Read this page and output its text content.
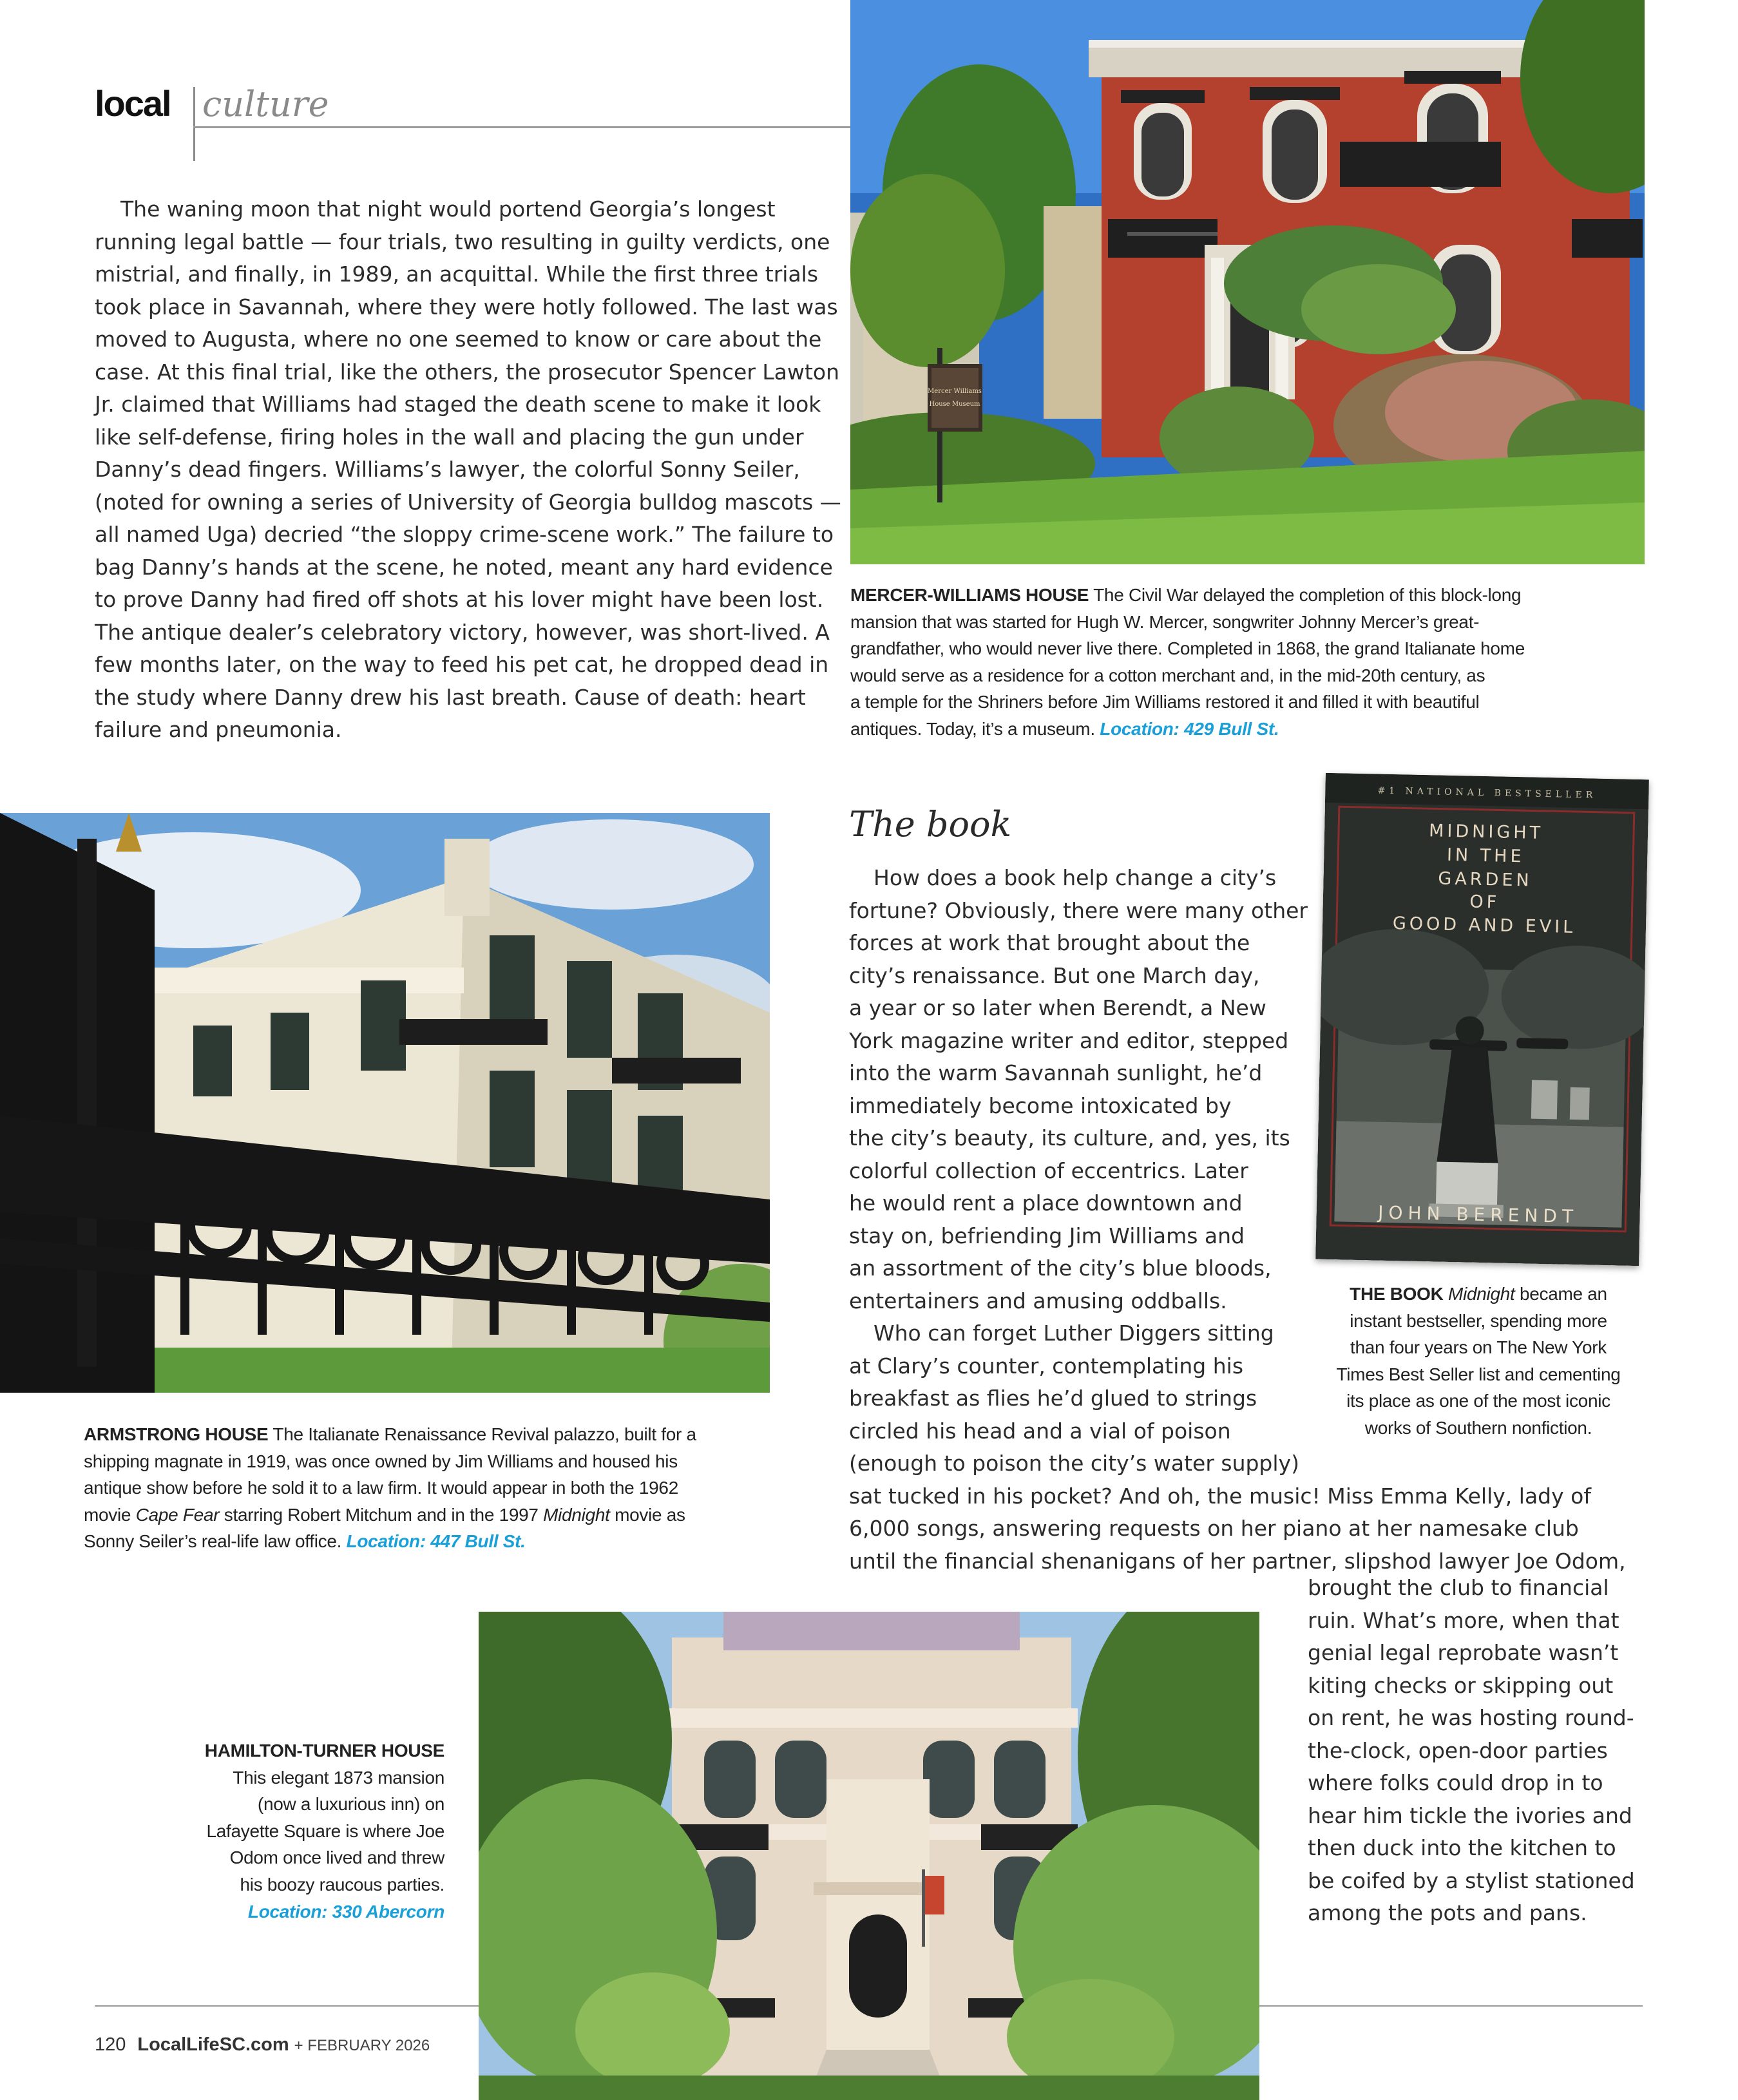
local culture
The waning moon that night would portend Georgia’s longest
running legal battle — four trials, two resulting in guilty verdicts, one
mistrial, and finally, in 1989, an acquittal. While the first three trials
took place in Savannah, where they were hotly followed. The last was
moved to Augusta, where no one seemed to know or care about the
case. At this final trial, like the others, the prosecutor Spencer Lawton
Jr. claimed that Williams had staged the death scene to make it look
like self-defense, firing holes in the wall and placing the gun under
Danny’s dead fingers. Williams’s lawyer, the colorful Sonny Seiler,
(noted for owning a series of University of Georgia bulldog mascots —
all named Uga) decried “the sloppy crime-scene work.” The failure to
bag Danny’s hands at the scene, he noted, meant any hard evidence
to prove Danny had fired off shots at his lover might have been lost.
The antique dealer’s celebratory victory, however, was short-lived. A
few months later, on the way to feed his pet cat, he dropped dead in
the study where Danny drew his last breath. Cause of death: heart
failure and pneumonia.
Mercer Williams
House Museum
MERCER-WILLIAMS HOUSE The Civil War delayed the completion of this block-long
mansion that was started for Hugh W. Mercer, songwriter Johnny Mercer’s great-
grandfather, who would never live there. Completed in 1868, the grand Italianate home
would serve as a residence for a cotton merchant and, in the mid-20th century, as
a temple for the Shriners before Jim Williams restored it and filled it with beautiful
antiques. Today, it’s a museum. Location: 429 Bull St.
ARMSTRONG HOUSE The Italianate Renaissance Revival palazzo, built for a
shipping magnate in 1919, was once owned by Jim Williams and housed his
antique show before he sold it to a law firm. It would appear in both the 1962
movie Cape Fear starring Robert Mitchum and in the 1997 Midnight movie as
Sonny Seiler’s real-life law office. Location: 447 Bull St.
The book
How does a book help change a city’s
fortune? Obviously, there were many other
forces at work that brought about the
city’s renaissance. But one March day,
a year or so later when Berendt, a New
York magazine writer and editor, stepped
into the warm Savannah sunlight, he’d
immediately become intoxicated by
the city’s beauty, its culture, and, yes, its
colorful collection of eccentrics. Later
he would rent a place downtown and
stay on, befriending Jim Williams and
an assortment of the city’s blue bloods,
entertainers and amusing oddballs.
Who can forget Luther Diggers sitting
at Clary’s counter, contemplating his
breakfast as flies he’d glued to strings
circled his head and a vial of poison
(enough to poison the city’s water supply)
sat tucked in his pocket? And oh, the music! Miss Emma Kelly, lady of
6,000 songs, answering requests on her piano at her namesake club
until the financial shenanigans of her partner, slipshod lawyer Joe Odom,
brought the club to financial
ruin. What’s more, when that
genial legal reprobate wasn’t
kiting checks or skipping out
on rent, he was hosting round-
the-clock, open-door parties
where folks could drop in to
hear him tickle the ivories and
then duck into the kitchen to
be coifed by a stylist stationed
among the pots and pans.
#1 NATIONAL BESTSELLER
MIDNIGHT
IN THE
GARDEN
OF
GOOD AND EVIL
JOHN BERENDT
THE BOOK Midnight became an
instant bestseller, spending more
than four years on The New York
Times Best Seller list and cementing
its place as one of the most iconic
works of Southern nonfiction.
HAMILTON-TURNER HOUSE
This elegant 1873 mansion
(now a luxurious inn) on
Lafayette Square is where Joe
Odom once lived and threw
his boozy raucous parties.
Location: 330 Abercorn
120 LocalLifeSC.com + FEBRUARY 2026
